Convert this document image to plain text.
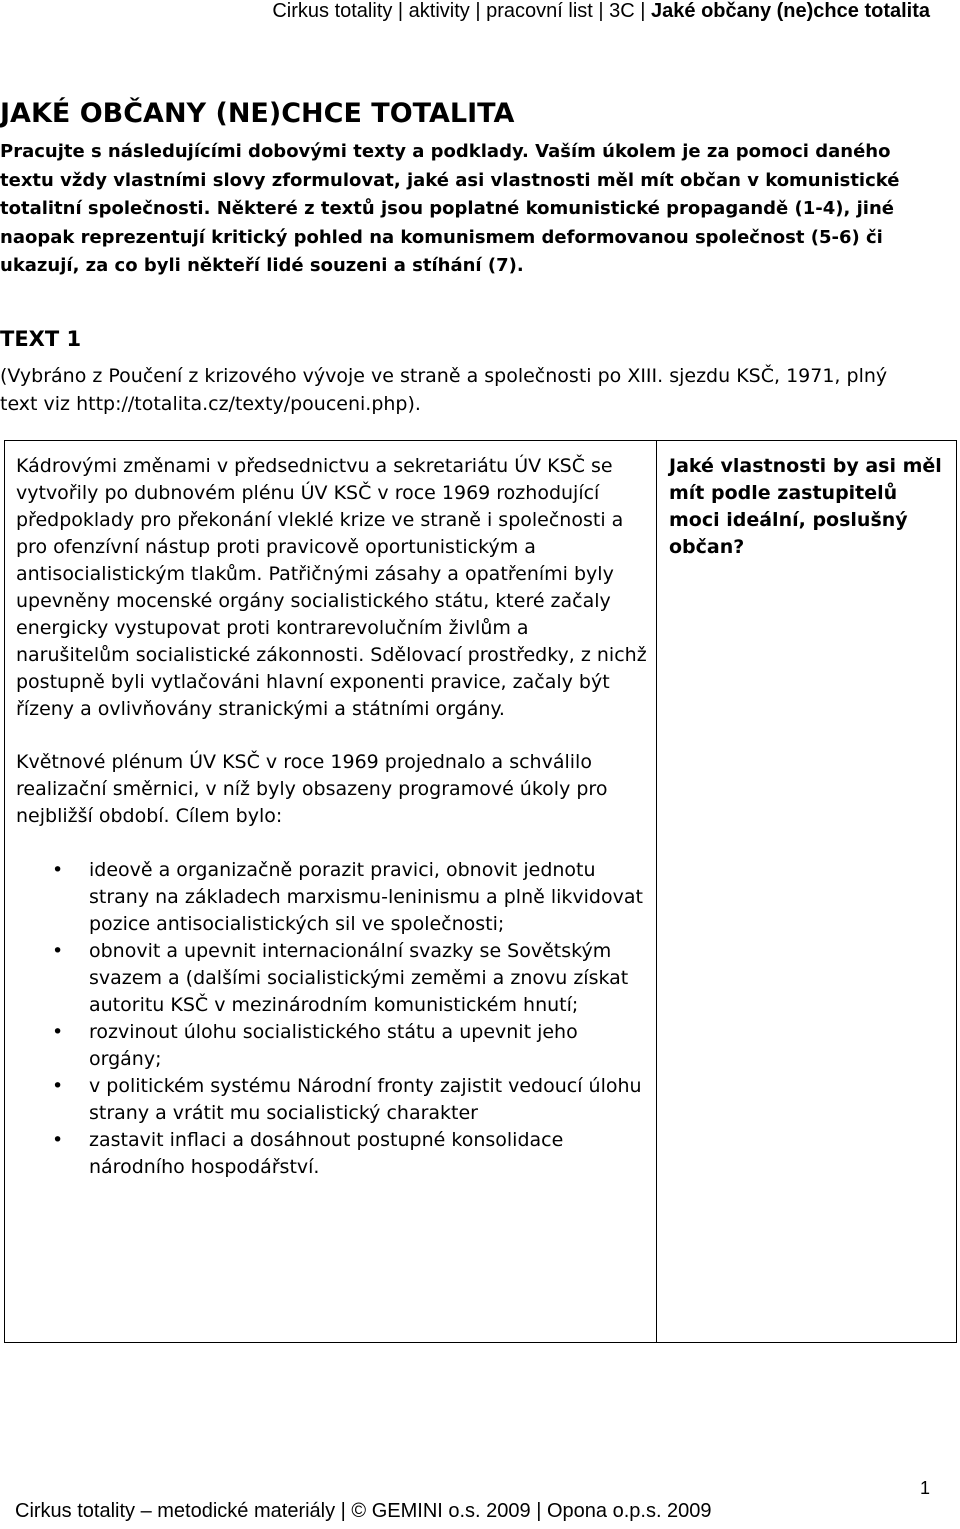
Cirkus totality | aktivity | pracovní list | 3C | Jaké občany (ne)chce totalita
JAKÉ OBČANY (NE)CHCE TOTALITA
Pracujte s následujícími dobovými texty a podklady. Vaším úkolem je za pomoci daného textu vždy vlastními slovy zformulovat, jaké asi vlastnosti měl mít občan v komunistické totalitní společnosti. Některé z textů jsou poplatné komunistické propagandě (1-4), jiné naopak reprezentují kritický pohled na komunismem deformovanou společnost (5-6) či ukazují, za co byli někteří lidé souzeni a stíhání (7).
TEXT 1
(Vybráno z Poučení z krizového vývoje ve straně a společnosti po XIII. sjezdu KSČ, 1971, plný text viz http://totalita.cz/texty/pouceni.php).

Kádrovými změnami v předsednictvu a sekretariátu ÚV KSČ se vytvořily po dubnovém plénu ÚV KSČ v roce 1969 rozhodující předpoklady pro překonání vleklé krize ve straně i společnosti a pro ofenzívní nástup proti pravicově oportunistickým a antisocialistickým tlakům. Patřičnými zásahy a opatřeními byly upevněny mocenské orgány socialistického státu, které začaly energicky vystupovat proti kontrarevolučním živlům a narušitelům socialistické zákonnosti. Sdělovací prostředky, z nichž postupně byli vytlačováni hlavní exponenti pravice, začaly být řízeny a ovlivňovány stranickými a státními orgány.

Květnové plénum ÚV KSČ v roce 1969 projednalo a schválilo realizační směrnici, v níž byly obsazeny programové úkoly pro nejbližší období. Cílem bylo:

•	ideově a organizačně porazit pravici, obnovit jednotu strany na základech marxismu-leninismu a plně likvidovat pozice antisocialistických sil ve společnosti;
•	obnovit a upevnit internacionální svazky se Sovětským svazem a (dalšími socialistickými zeměmi a znovu získat autoritu KSČ v mezinárodním komunistickém hnutí;
•	rozvinout úlohu socialistického státu a upevnit jeho orgány;
•	v politickém systému Národní fronty zajistit vedoucí úlohu strany a vrátit mu socialistický charakter
•	zastavit inflaci a dosáhnout postupné konsolidace národního hospodářství.
Jaké vlastnosti by asi měl mít podle zastupitelů moci ideální, poslušný občan?
1
Cirkus totality – metodické materiály | © GEMINI o.s. 2009 | Opona o.p.s. 2009
